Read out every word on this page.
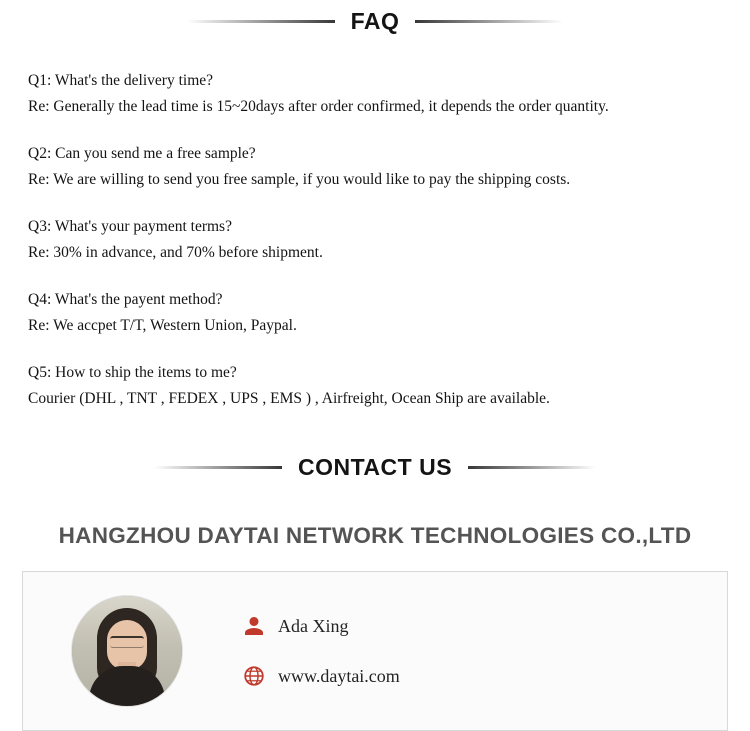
FAQ
Q1: What's the delivery time?
Re: Generally the lead time is 15~20days after order confirmed, it depends the order quantity.
Q2: Can you send me a free sample?
Re: We are willing to send you free sample, if you would like to pay the shipping costs.
Q3: What's your payment terms?
Re: 30% in advance, and 70% before shipment.
Q4: What's the payent method?
Re: We accpet T/T, Western Union, Paypal.
Q5: How to ship the items to me?
Courier (DHL , TNT , FEDEX , UPS , EMS ) , Airfreight, Ocean Ship are available.
CONTACT US
HANGZHOU DAYTAI NETWORK TECHNOLOGIES CO.,LTD
Ada Xing
www.daytai.com
